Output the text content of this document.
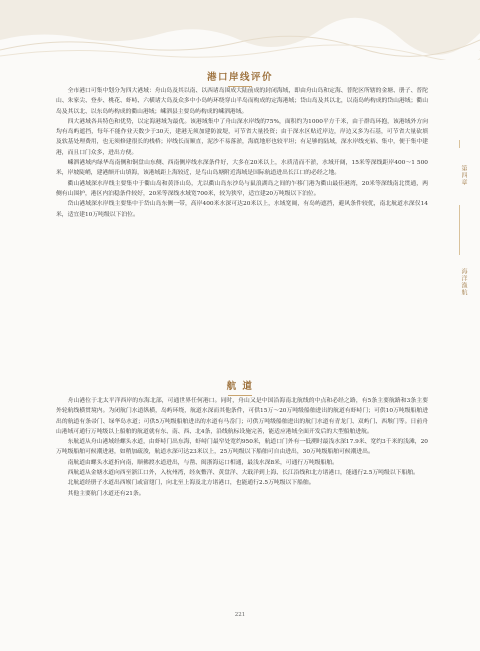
港口岸线评价

全市港口可集中划分为四大港域：舟山岛及其以南、以西诸岛围成大陆前成的封闭海域，即由舟山岛和定海、普陀区所辖的金塘、册子、普陀山、朱家尖、登步、桃花、虾峙、六横诸大岛及众多中小岛屿环绕穿山半岛而构成的定海港域；岱山岛及其以北，以南岛屿构成的岱山港域；衢山岛及其以北、以东岛屿构成的衢山港域；嵊泗县主要岛屿构成的嵊泗港域。

四大港域各具特色和优势，以定海港域为最优。该港域集中了舟山深水岸线的75%，面积约为1000平方千米，由于群岛环抱，该港域外方向均有岛屿遮挡，每年不能作业天数少于30天，建港无须加建防波堤，可节省大量投资；由于深水区贴近岸边，岸边又多为石基，可节省大量砍填及软基处理费用，也无须修建很长的栈桥；岸线长而顺直，泥沙不易落淤，海底地形也较平坦；有足够的陆域，深水岸线充裕、集中，便于集中建港，而且口门众多，进出方便。

嵊泗港域内绿华岛南侧和铜盘山东侧、西南侧岸线水深条件好，大多在20米以上，水质清而不淤，水域开阔，15米等深线距岸400～1 500米，岸坡陡峭，建港颇开山填海，该港域距上海较近，是鸟山岛塘附近海域是国际航道进出长江口的必经之地。

衢山港域深水岸线主要集中于衢山岛和黄泽山岛，尤以衢山岛东沙岛与鼠浪湖岛之间的乍移门港为衢山最佳港湾，20米等深线南北贯通，两侧有山围护，港区内泊稳条件较好，20米等深线水域宽700米，较为狭窄，适宜建20万吨级以下泊位。

岱山港域深水岸线主要集中于岱山岛东侧一带，高岸400米水深可达20米以上，水域宽阔，有岛屿遮挡，避风条件较优，南北航道水深仅14米，适宜建10万吨级以下泊位。

航 道

舟山港位于北太平洋西岸的东海北部，可通世界任何港口。同时，舟山又是中国沿海南北航线的中点和必经之路，有5条主要航路和3条主要外轮航线横贯境内。为闭航门水道纵横，岛屿环绕，航道水深而其他条件，可供15万～20万吨级船舶进出的航道有虾峙门；可供10万吨级船舶进出的航道有条帚门、绿华岛水道；可供5万吨级船舶进出的水道有马岙门；可供万吨级船舶进出的航门水道有青龙门、双屿门、西堠门等。日前舟山港域可通行万吨级以上船舶的航道就有东、南、西、北4条，沿线航标设施完善，能适应港域全面开发后的大型船舶进航。

东航道从舟山港域经螺头水道，由虾峙门出东海，虾峙门最窄处宽约950米，航道口门外有一低溯时最浅水深17.9米、宽约3千米的浅滩，20万吨级船舶可候潮进港，如稍加疏浚，航道水深可达23米以上，25万吨级以下船舶可自由进出，30万吨级船舶可候潮进出。

南航道由螺头水道折向南，顺佛渡水道进出，与凿、闽浙海运口相通，最浅水深8米，可通行万吨级船舶。

西航道从金塘水道向西至浙江口外，入杭州湾，经灰鳖洋、黄盘洋、大戢洋到上海、长江沿线和北方诸港口，能通行2.5万吨级以下船舶。

北航道经册子水道出西堠门或富翅门，向北至上海及北方诸港口，也能通行2.5万吨级以下船舶。

其他主要航门水道还有21条。

第四章
海洋渔航
221
